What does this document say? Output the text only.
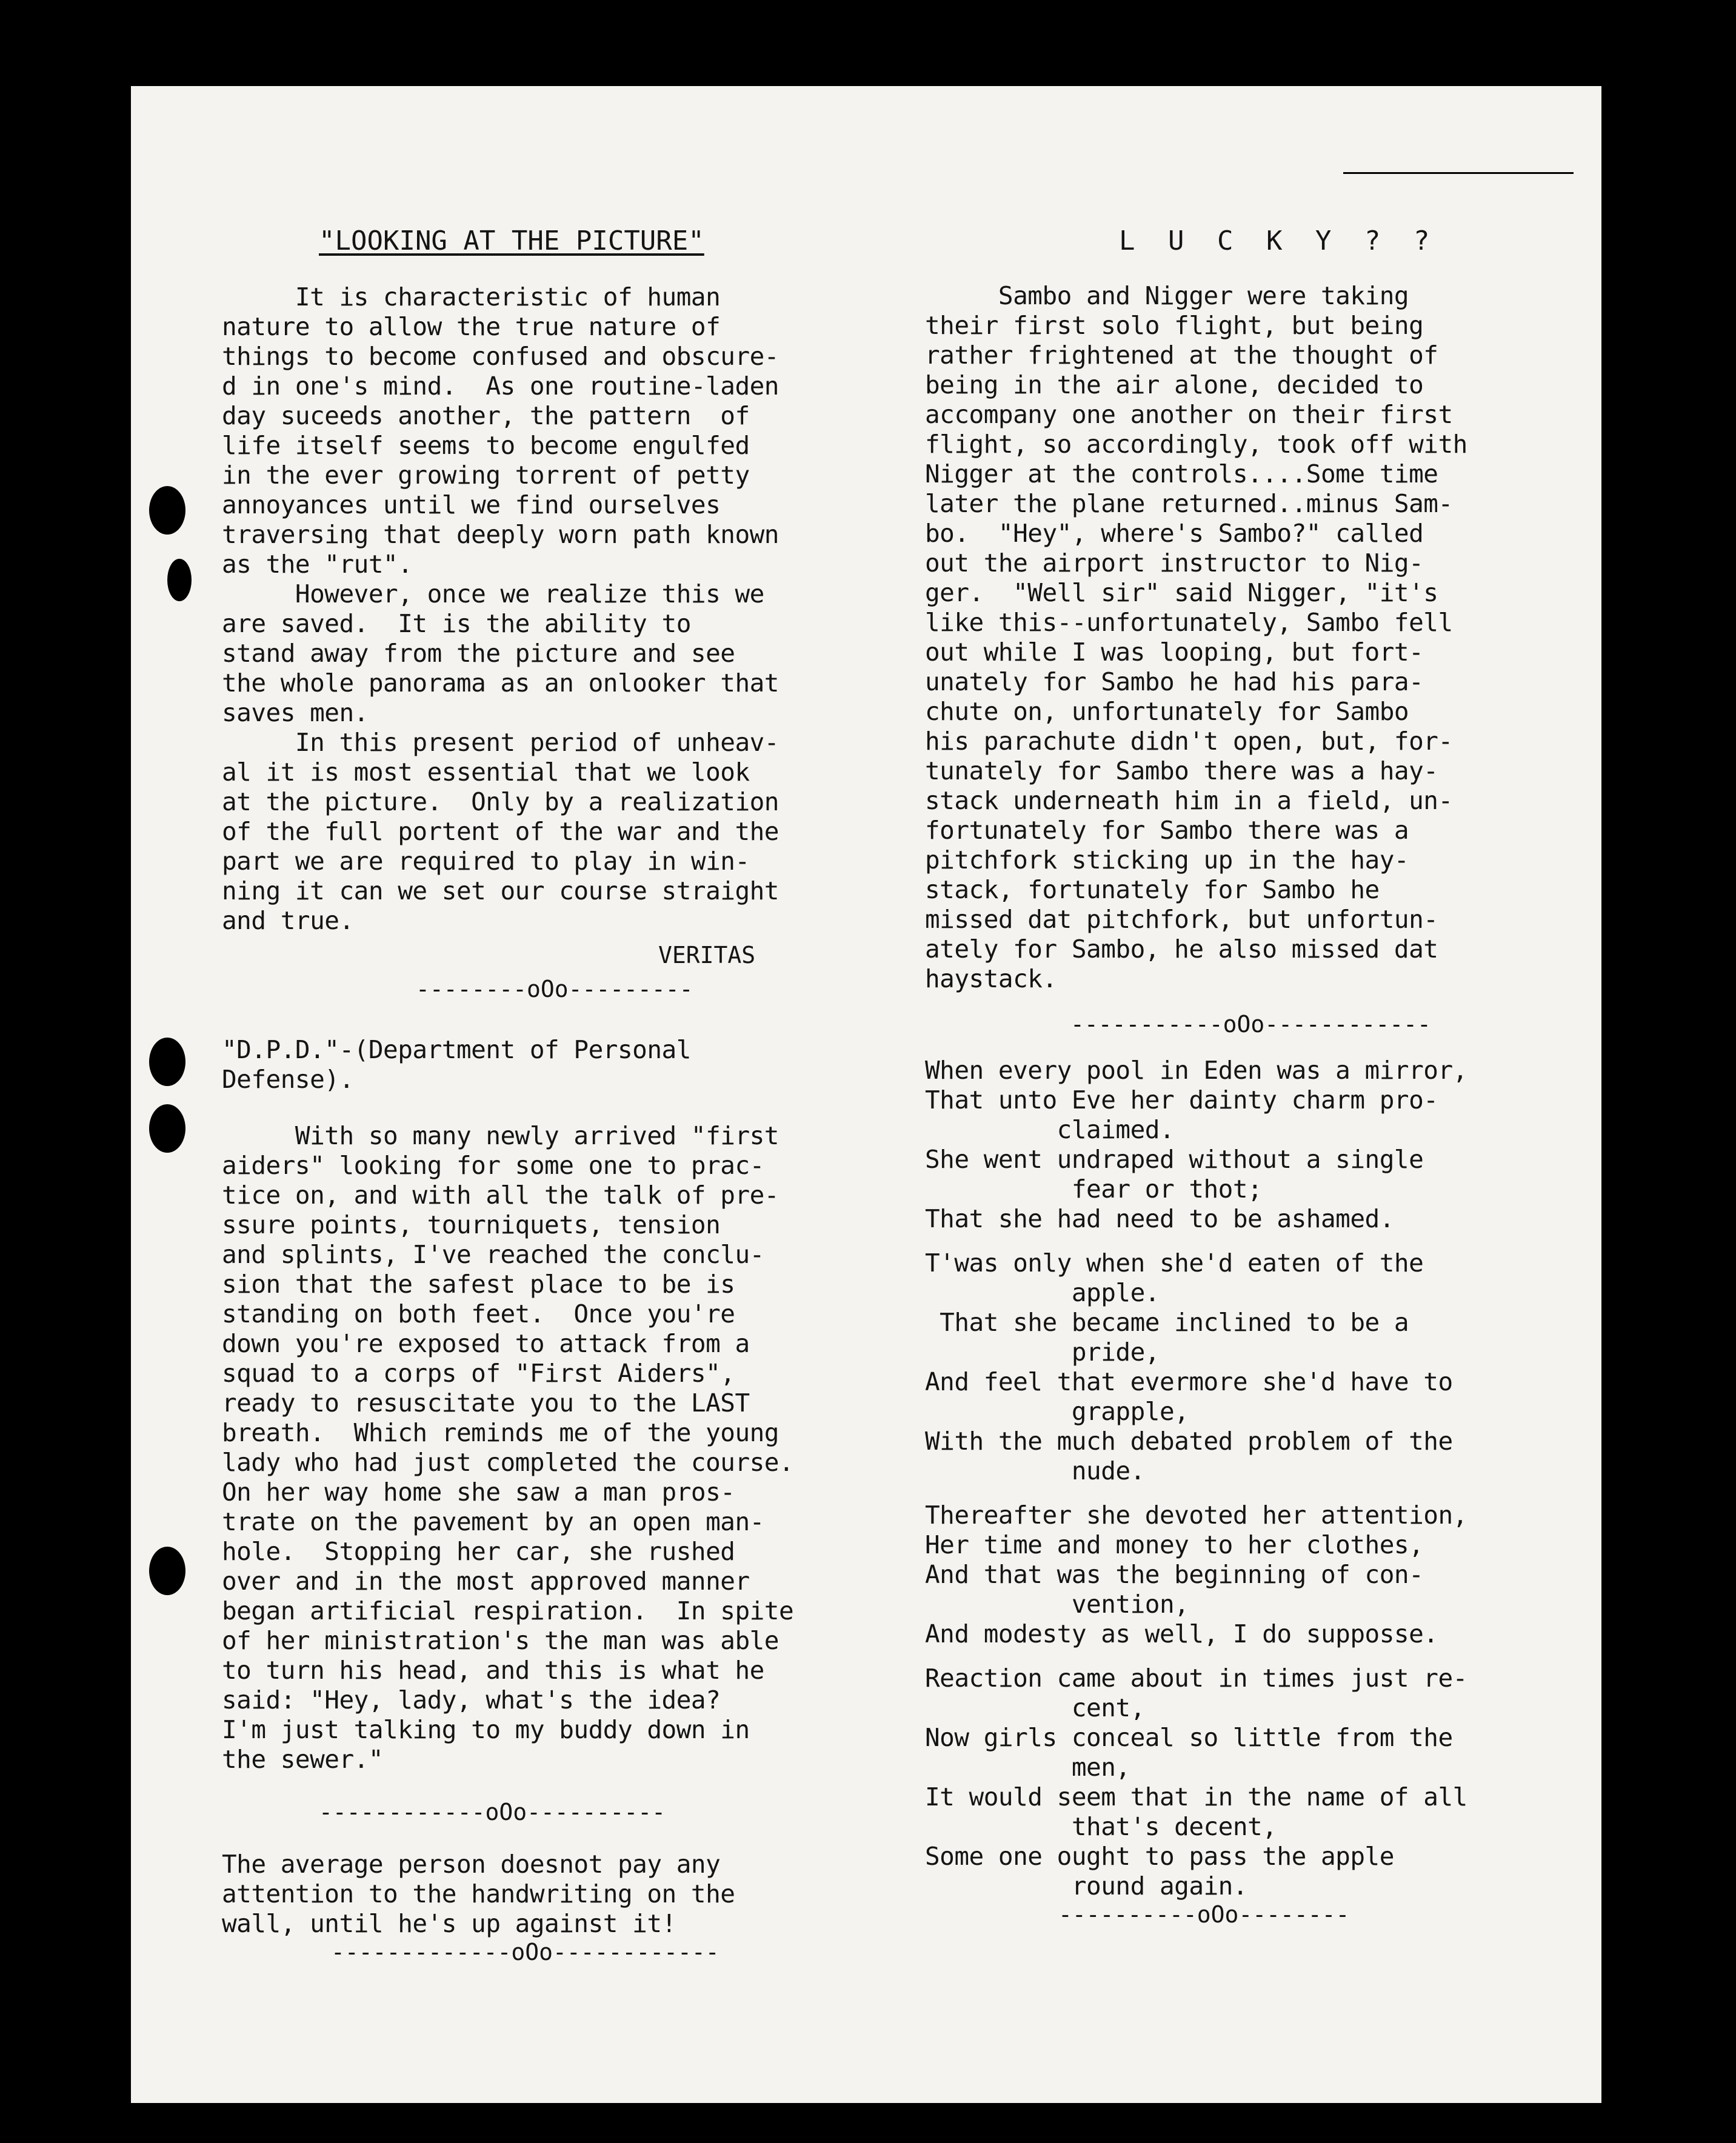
"LOOKING AT THE PICTURE"

It is characteristic of human
nature to allow the true nature of
things to become confused and obscure-
d in one's mind.  As one routine-laden
day suceeds another, the pattern  of
life itself seems to become engulfed
in the ever growing torrent of petty
annoyances until we find ourselves
traversing that deeply worn path known
as the "rut".

However, once we realize this we
are saved.  It is the ability to
stand away from the picture and see
the whole panorama as an onlooker that
saves men.

In this present period of unheav-
al it is most essential that we look
at the picture.  Only by a realization
of the full portent of the war and the
part we are required to play in win-
ning it can we set our course straight
and true.

VERITAS
--------oOo---------

"D.P.D."-(Department of Personal
Defense).

With so many newly arrived "first
aiders" looking for some one to prac-
tice on, and with all the talk of pre-
ssure points, tourniquets, tension
and splints, I've reached the conclu-
sion that the safest place to be is
standing on both feet.  Once you're
down you're exposed to attack from a
squad to a corps of "First Aiders",
ready to resuscitate you to the LAST
breath.  Which reminds me of the young
lady who had just completed the course.
On her way home she saw a man pros-
trate on the pavement by an open man-
hole.  Stopping her car, she rushed
over and in the most approved manner
began artificial respiration.  In spite
of her ministration's the man was able
to turn his head, and this is what he
said: "Hey, lady, what's the idea?
I'm just talking to my buddy down in
the sewer."

------------oOo----------

The average person doesnot pay any
attention to the handwriting on the
wall, until he's up against it!

-------------oOo------------
L U C K Y ? ?

Sambo and Nigger were taking
their first solo flight, but being
rather frightened at the thought of
being in the air alone, decided to
accompany one another on their first
flight, so accordingly, took off with
Nigger at the controls....Some time
later the plane returned..minus Sam-
bo.  "Hey", where's Sambo?" called
out the airport instructor to Nig-
ger.  "Well sir" said Nigger, "it's
like this--unfortunately, Sambo fell
out while I was looping, but fort-
unately for Sambo he had his para-
chute on, unfortunately for Sambo
his parachute didn't open, but, for-
tunately for Sambo there was a hay-
stack underneath him in a field, un-
fortunately for Sambo there was a
pitchfork sticking up in the hay-
stack, fortunately for Sambo he
missed dat pitchfork, but unfortun-
ately for Sambo, he also missed dat
haystack.

-----------oOo------------

When every pool in Eden was a mirror,
That unto Eve her dainty charm pro-
claimed.

She went undraped without a single
fear or thot;

That she had need to be ashamed.

T'was only when she'd eaten of the
apple.

That she became inclined to be a
pride,

And feel that evermore she'd have to
grapple,

With the much debated problem of the
nude.

Thereafter she devoted her attention,
Her time and money to her clothes,
And that was the beginning of con-
vention,

And modesty as well, I do supposse.

Reaction came about in times just re-
cent,

Now girls conceal so little from the
men,

It would seem that in the name of all
that's decent,

Some one ought to pass the apple
round again.

----------oOo--------
